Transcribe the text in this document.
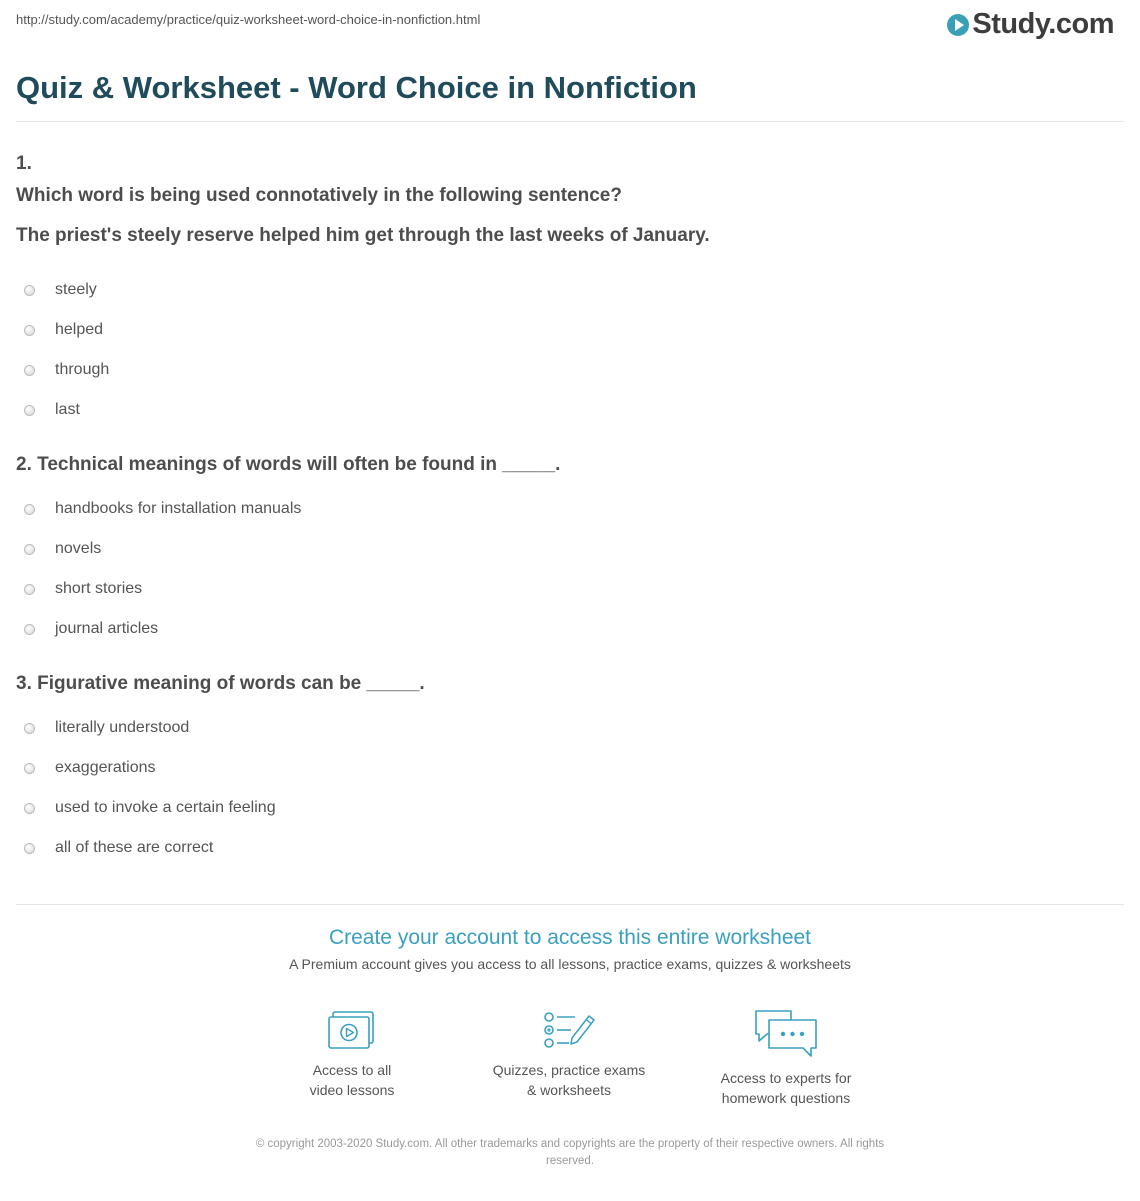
http://study.com/academy/practice/quiz-worksheet-word-choice-in-nonfiction.html	Study.com
Quiz & Worksheet - Word Choice in Nonfiction
1.
Which word is being used connotatively in the following sentence?
The priest's steely reserve helped him get through the last weeks of January.
steely
helped
through
last
2. Technical meanings of words will often be found in _____.
handbooks for installation manuals
novels
short stories
journal articles
3. Figurative meaning of words can be _____.
literally understood
exaggerations
used to invoke a certain feeling
all of these are correct
Create your account to access this entire worksheet
A Premium account gives you access to all lessons, practice exams, quizzes & worksheets
Access to all
video lessons
Quizzes, practice exams
& worksheets
Access to experts for
homework questions
© copyright 2003-2020 Study.com. All other trademarks and copyrights are the property of their respective owners. All rights
reserved.
